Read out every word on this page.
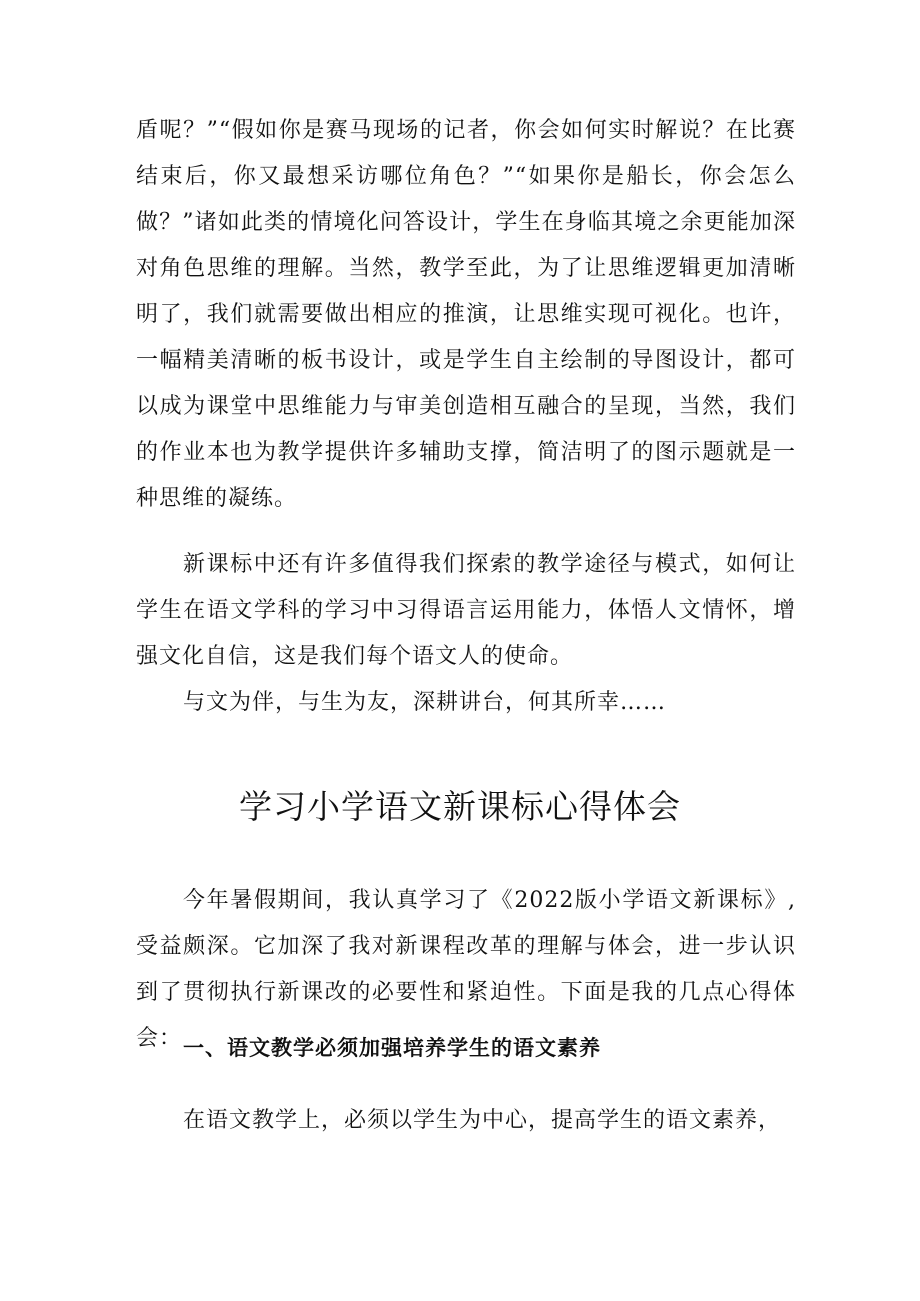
盾呢？”“假如你是赛马现场的记者，你会如何实时解说？在比赛结束后，你又最想采访哪位角色？”“如果你是船长，你会怎么做？”诸如此类的情境化问答设计，学生在身临其境之余更能加深对角色思维的理解。当然，教学至此，为了让思维逻辑更加清晰明了，我们就需要做出相应的推演，让思维实现可视化。也许，一幅精美清晰的板书设计，或是学生自主绘制的导图设计，都可以成为课堂中思维能力与审美创造相互融合的呈现，当然，我们的作业本也为教学提供许多辅助支撑，简洁明了的图示题就是一种思维的凝练。

新课标中还有许多值得我们探索的教学途径与模式，如何让学生在语文学科的学习中习得语言运用能力，体悟人文情怀，增强文化自信，这是我们每个语文人的使命。

与文为伴，与生为友，深耕讲台，何其所幸……

学习小学语文新课标心得体会

今年暑假期间，我认真学习了《2022版小学语文新课标》,受益颇深。它加深了我对新课程改革的理解与体会，进一步认识到了贯彻执行新课改的必要性和紧迫性。下面是我的几点心得体会： 一、语文教学必须加强培养学生的语文素养

在语文教学上，必须以学生为中心，提高学生的语文素养，
